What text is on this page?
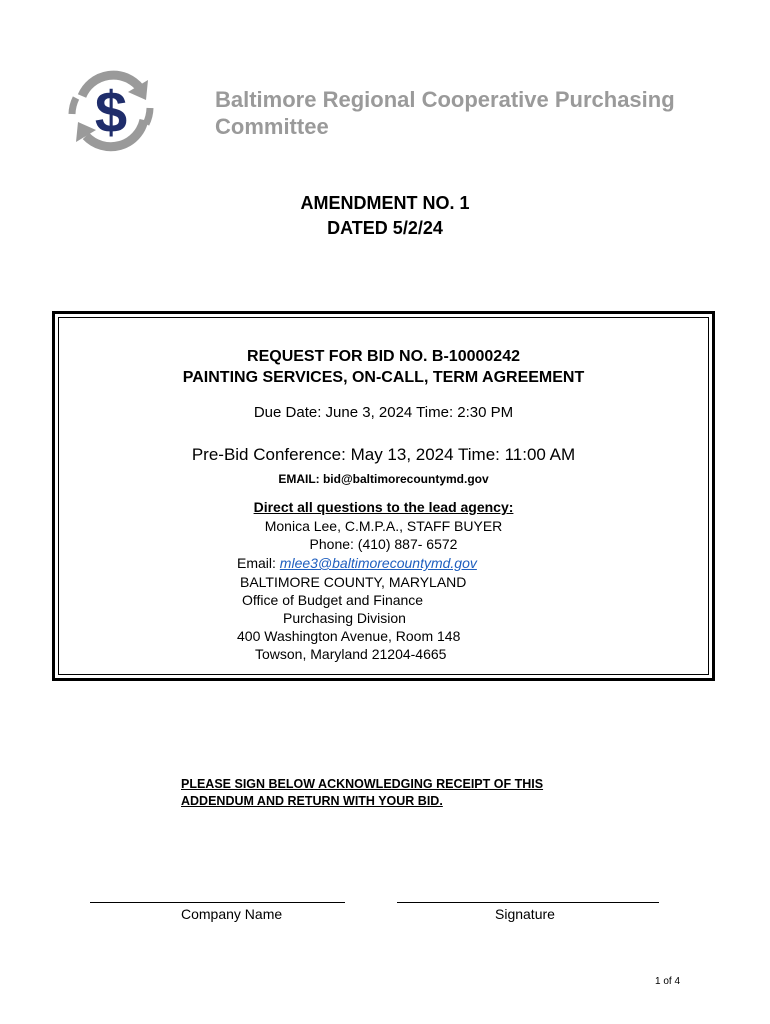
$	Baltimore Regional Cooperative Purchasing Committee
AMENDMENT NO. 1
DATED 5/2/24
REQUEST FOR BID NO. B-10000242
PAINTING SERVICES, ON-CALL, TERM AGREEMENT
Due Date: June 3, 2024 Time: 2:30 PM
Pre-Bid Conference: May 13, 2024 Time: 11:00 AM
EMAIL: bid@baltimorecountymd.gov
Direct all questions to the lead agency:
Monica Lee, C.M.P.A., STAFF BUYER
Phone: (410) 887- 6572
Email: mlee3@baltimorecountymd.gov
BALTIMORE COUNTY, MARYLAND
Office of Budget and Finance
Purchasing Division
400 Washington Avenue, Room 148
Towson, Maryland 21204-4665
PLEASE SIGN BELOW ACKNOWLEDGING RECEIPT OF THIS
ADDENDUM AND RETURN WITH YOUR BID.
Company Name	Signature
1 of 4
